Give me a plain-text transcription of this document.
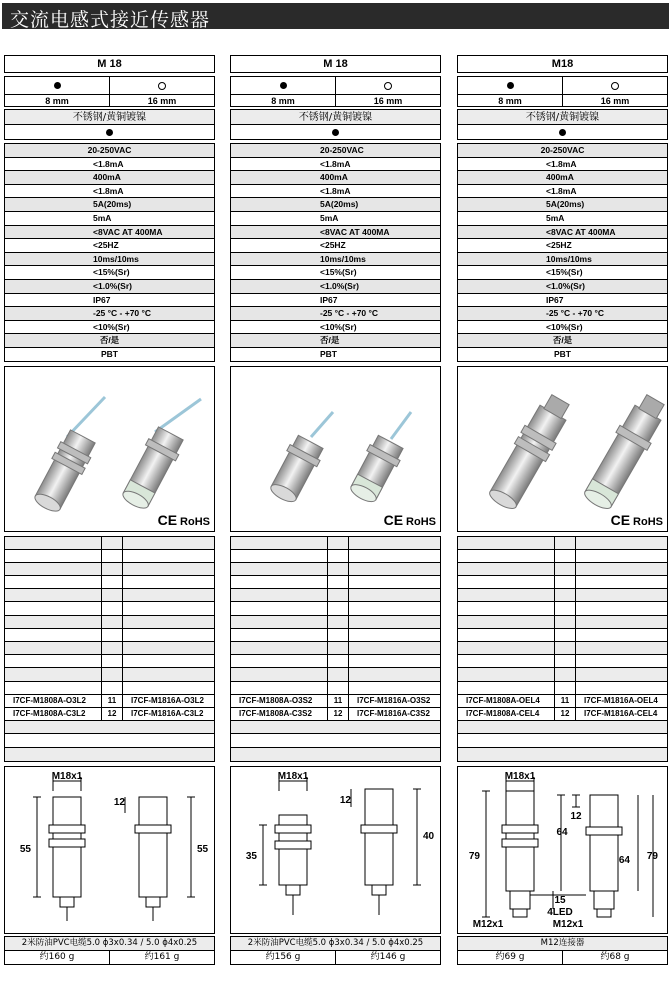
交流电感式接近传感器
M 18
8 mm	16 mm
不锈钢/黄铜镀镍
20-250VAC
<1.8mA
400mA
<1.8mA
5A(20ms)
5mA
<8VAC AT 400MA
<25HZ
10ms/10ms
<15%(Sr)
<1.0%(Sr)
IP67
-25 °C - +70 °C
<10%(Sr)
否/是
PBT
CE RoHS
I7CF-M1808A-O3L2	11	I7CF-M1816A-O3L2
I7CF-M1808A-C3L2	12	I7CF-M1816A-C3L2
M18x1
12
55	55
2米防油PVC电缆5.0 ɸ3x0.34 / 5.0 ɸ4x0.25
约160 g	约161 g
M 18
8 mm	16 mm
不锈钢/黄铜镀镍
20-250VAC
<1.8mA
400mA
<1.8mA
5A(20ms)
5mA
<8VAC AT 400MA
<25HZ
10ms/10ms
<15%(Sr)
<1.0%(Sr)
IP67
-25 °C - +70 °C
<10%(Sr)
否/是
PBT
CE RoHS
I7CF-M1808A-O3S2	11	I7CF-M1816A-O3S2
I7CF-M1808A-C3S2	12	I7CF-M1816A-C3S2
M18x1
12
35
40
2米防油PVC电缆5.0 ɸ3x0.34 / 5.0 ɸ4x0.25
约156 g	约146 g
M18
8 mm	16 mm
不锈钢/黄铜镀镍
20-250VAC
<1.8mA
400mA
<1.8mA
5A(20ms)
5mA
<8VAC AT 400MA
<25HZ
10ms/10ms
<15%(Sr)
<1.0%(Sr)
IP67
-25 °C - +70 °C
<10%(Sr)
否/是
PBT
CE RoHS
I7CF-M1808A-OEL4	11	I7CF-M1816A-OEL4
I7CF-M1808A-CEL4	12	I7CF-M1816A-CEL4
M18x1
79
64
12
64 79
15
4LED
M12x1	M12x1
M12连接器
约69 g	约68 g
